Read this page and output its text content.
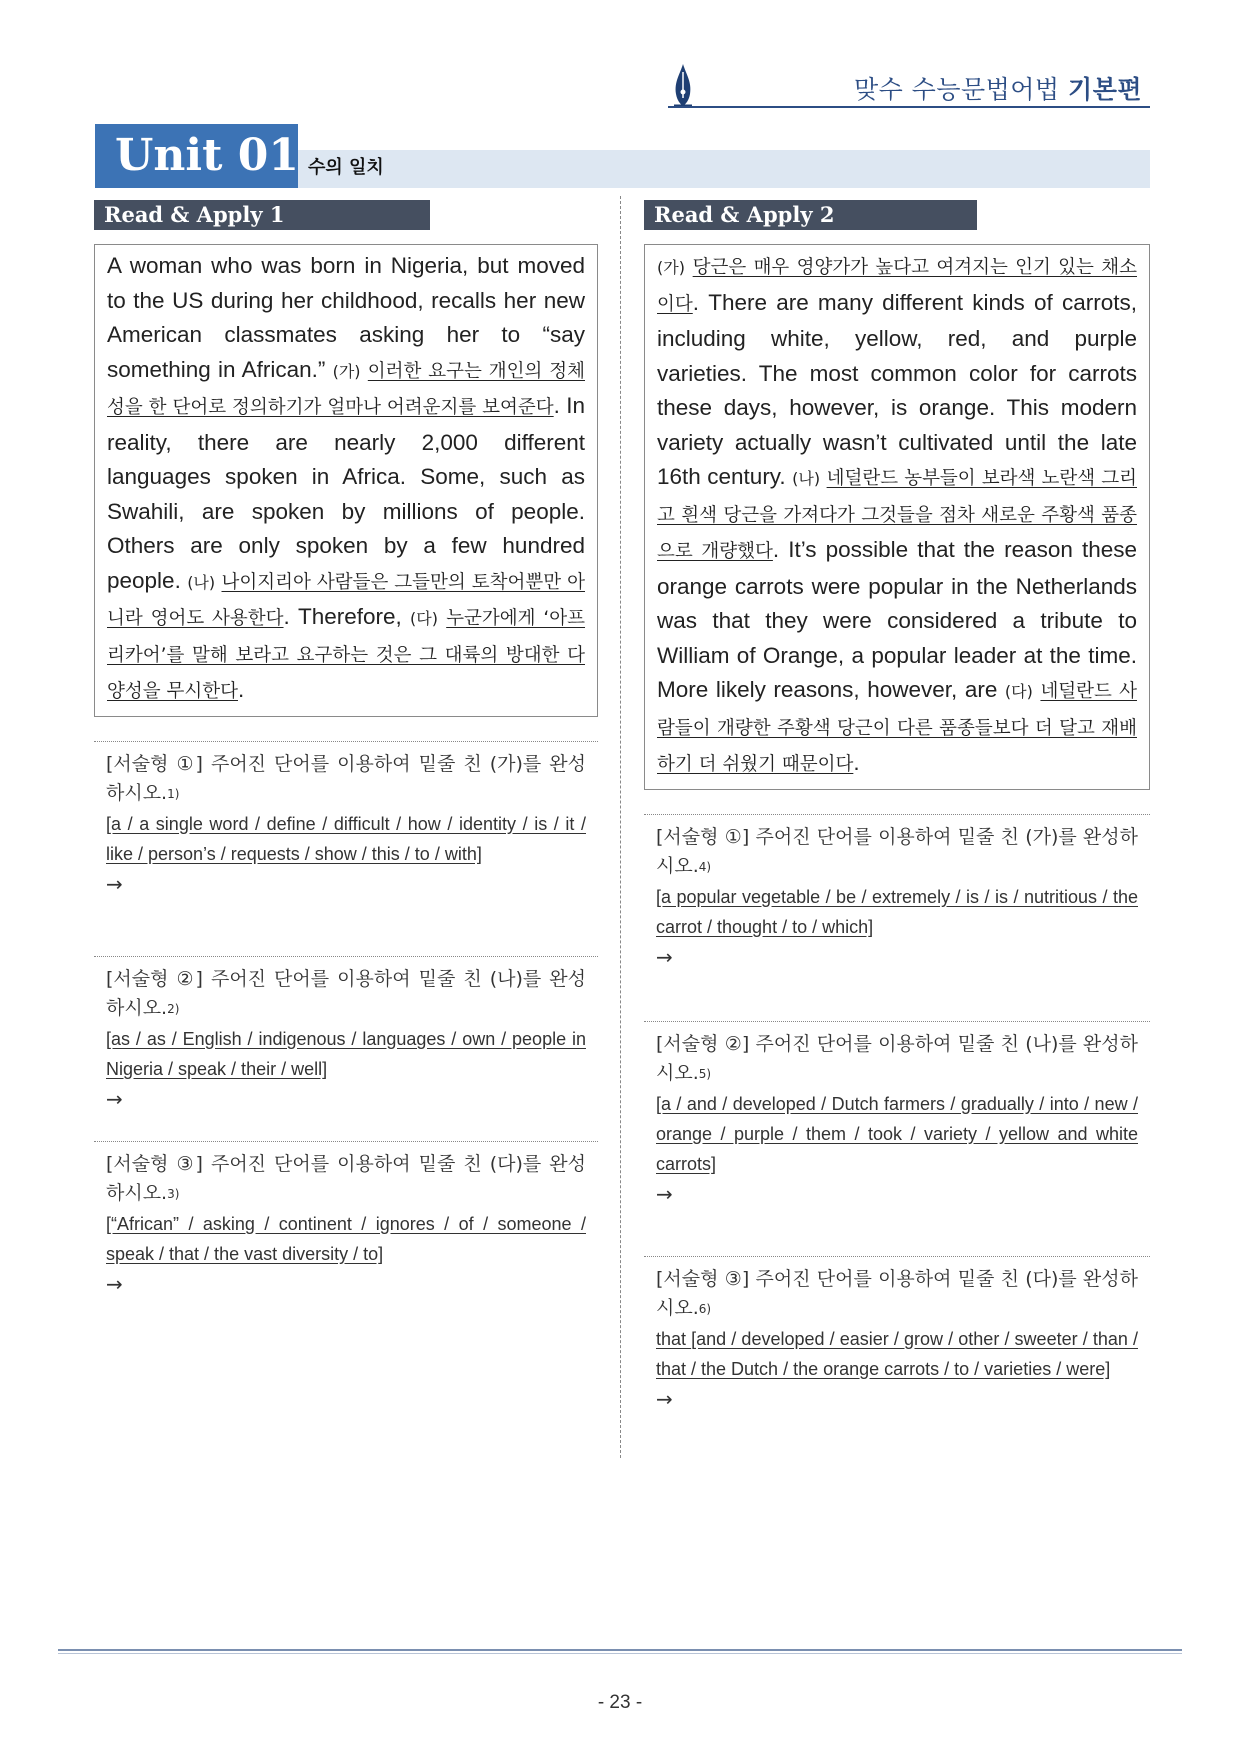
맞수 수능문법어법 기본편
Unit 01 수의 일치
Read & Apply 1
A woman who was born in Nigeria, but moved to the US during her childhood, recalls her new American classmates asking her to “say something in African.” (가) 이러한 요구는 개인의 정체성을 한 단어로 정의하기가 얼마나 어려운지를 보여준다. In reality, there are nearly 2,000 different languages spoken in Africa. Some, such as Swahili, are spoken by millions of people. Others are only spoken by a few hundred people. (나) 나이지리아 사람들은 그들만의 토착어뿐만 아니라 영어도 사용한다. Therefore, (다) 누군가에게 ‘아프리카어’를 말해 보라고 요구하는 것은 그 대륙의 방대한 다양성을 무시한다.
[서술형 ①] 주어진 단어를 이용하여 밑줄 친 (가)를 완성하시오.$^{1)}$
[a / a single word / define / difficult / how / identity / is / it / like / person’s / requests / show / this / to / with]
→
[서술형 ②] 주어진 단어를 이용하여 밑줄 친 (나)를 완성하시오.$^{2)}$
[as / as / English / indigenous / languages / own / people in Nigeria / speak / their / well]
→
[서술형 ③] 주어진 단어를 이용하여 밑줄 친 (다)를 완성하시오.$^{3)}$
[“African” / asking / continent / ignores / of / someone / speak / that / the vast diversity / to]
→
Read & Apply 2
(가) 당근은 매우 영양가가 높다고 여겨지는 인기 있는 채소이다. There are many different kinds of carrots, including white, yellow, red, and purple varieties. The most common color for carrots these days, however, is orange. This modern variety actually wasn’t cultivated until the late 16th century. (나) 네덜란드 농부들이 보라색 노란색 그리고 흰색 당근을 가져다가 그것들을 점차 새로운 주황색 품종으로 개량했다. It’s possible that the reason these orange carrots were popular in the Netherlands was that they were considered a tribute to William of Orange, a popular leader at the time. More likely reasons, however, are (다) 네덜란드 사람들이 개량한 주황색 당근이 다른 품종들보다 더 달고 재배하기 더 쉬웠기 때문이다.
[서술형 ①] 주어진 단어를 이용하여 밑줄 친 (가)를 완성하시오.$^{4)}$
[a popular vegetable / be / extremely / is / is / nutritious / the carrot / thought / to / which]
→
[서술형 ②] 주어진 단어를 이용하여 밑줄 친 (나)를 완성하시오.$^{5)}$
[a / and / developed / Dutch farmers / gradually / into / new / orange / purple / them / took / variety / yellow and white carrots]
→
[서술형 ③] 주어진 단어를 이용하여 밑줄 친 (다)를 완성하시오.$^{6)}$
that [and / developed / easier / grow / other / sweeter / than / that / the Dutch / the orange carrots / to / varieties / were]
→
- 23 -
